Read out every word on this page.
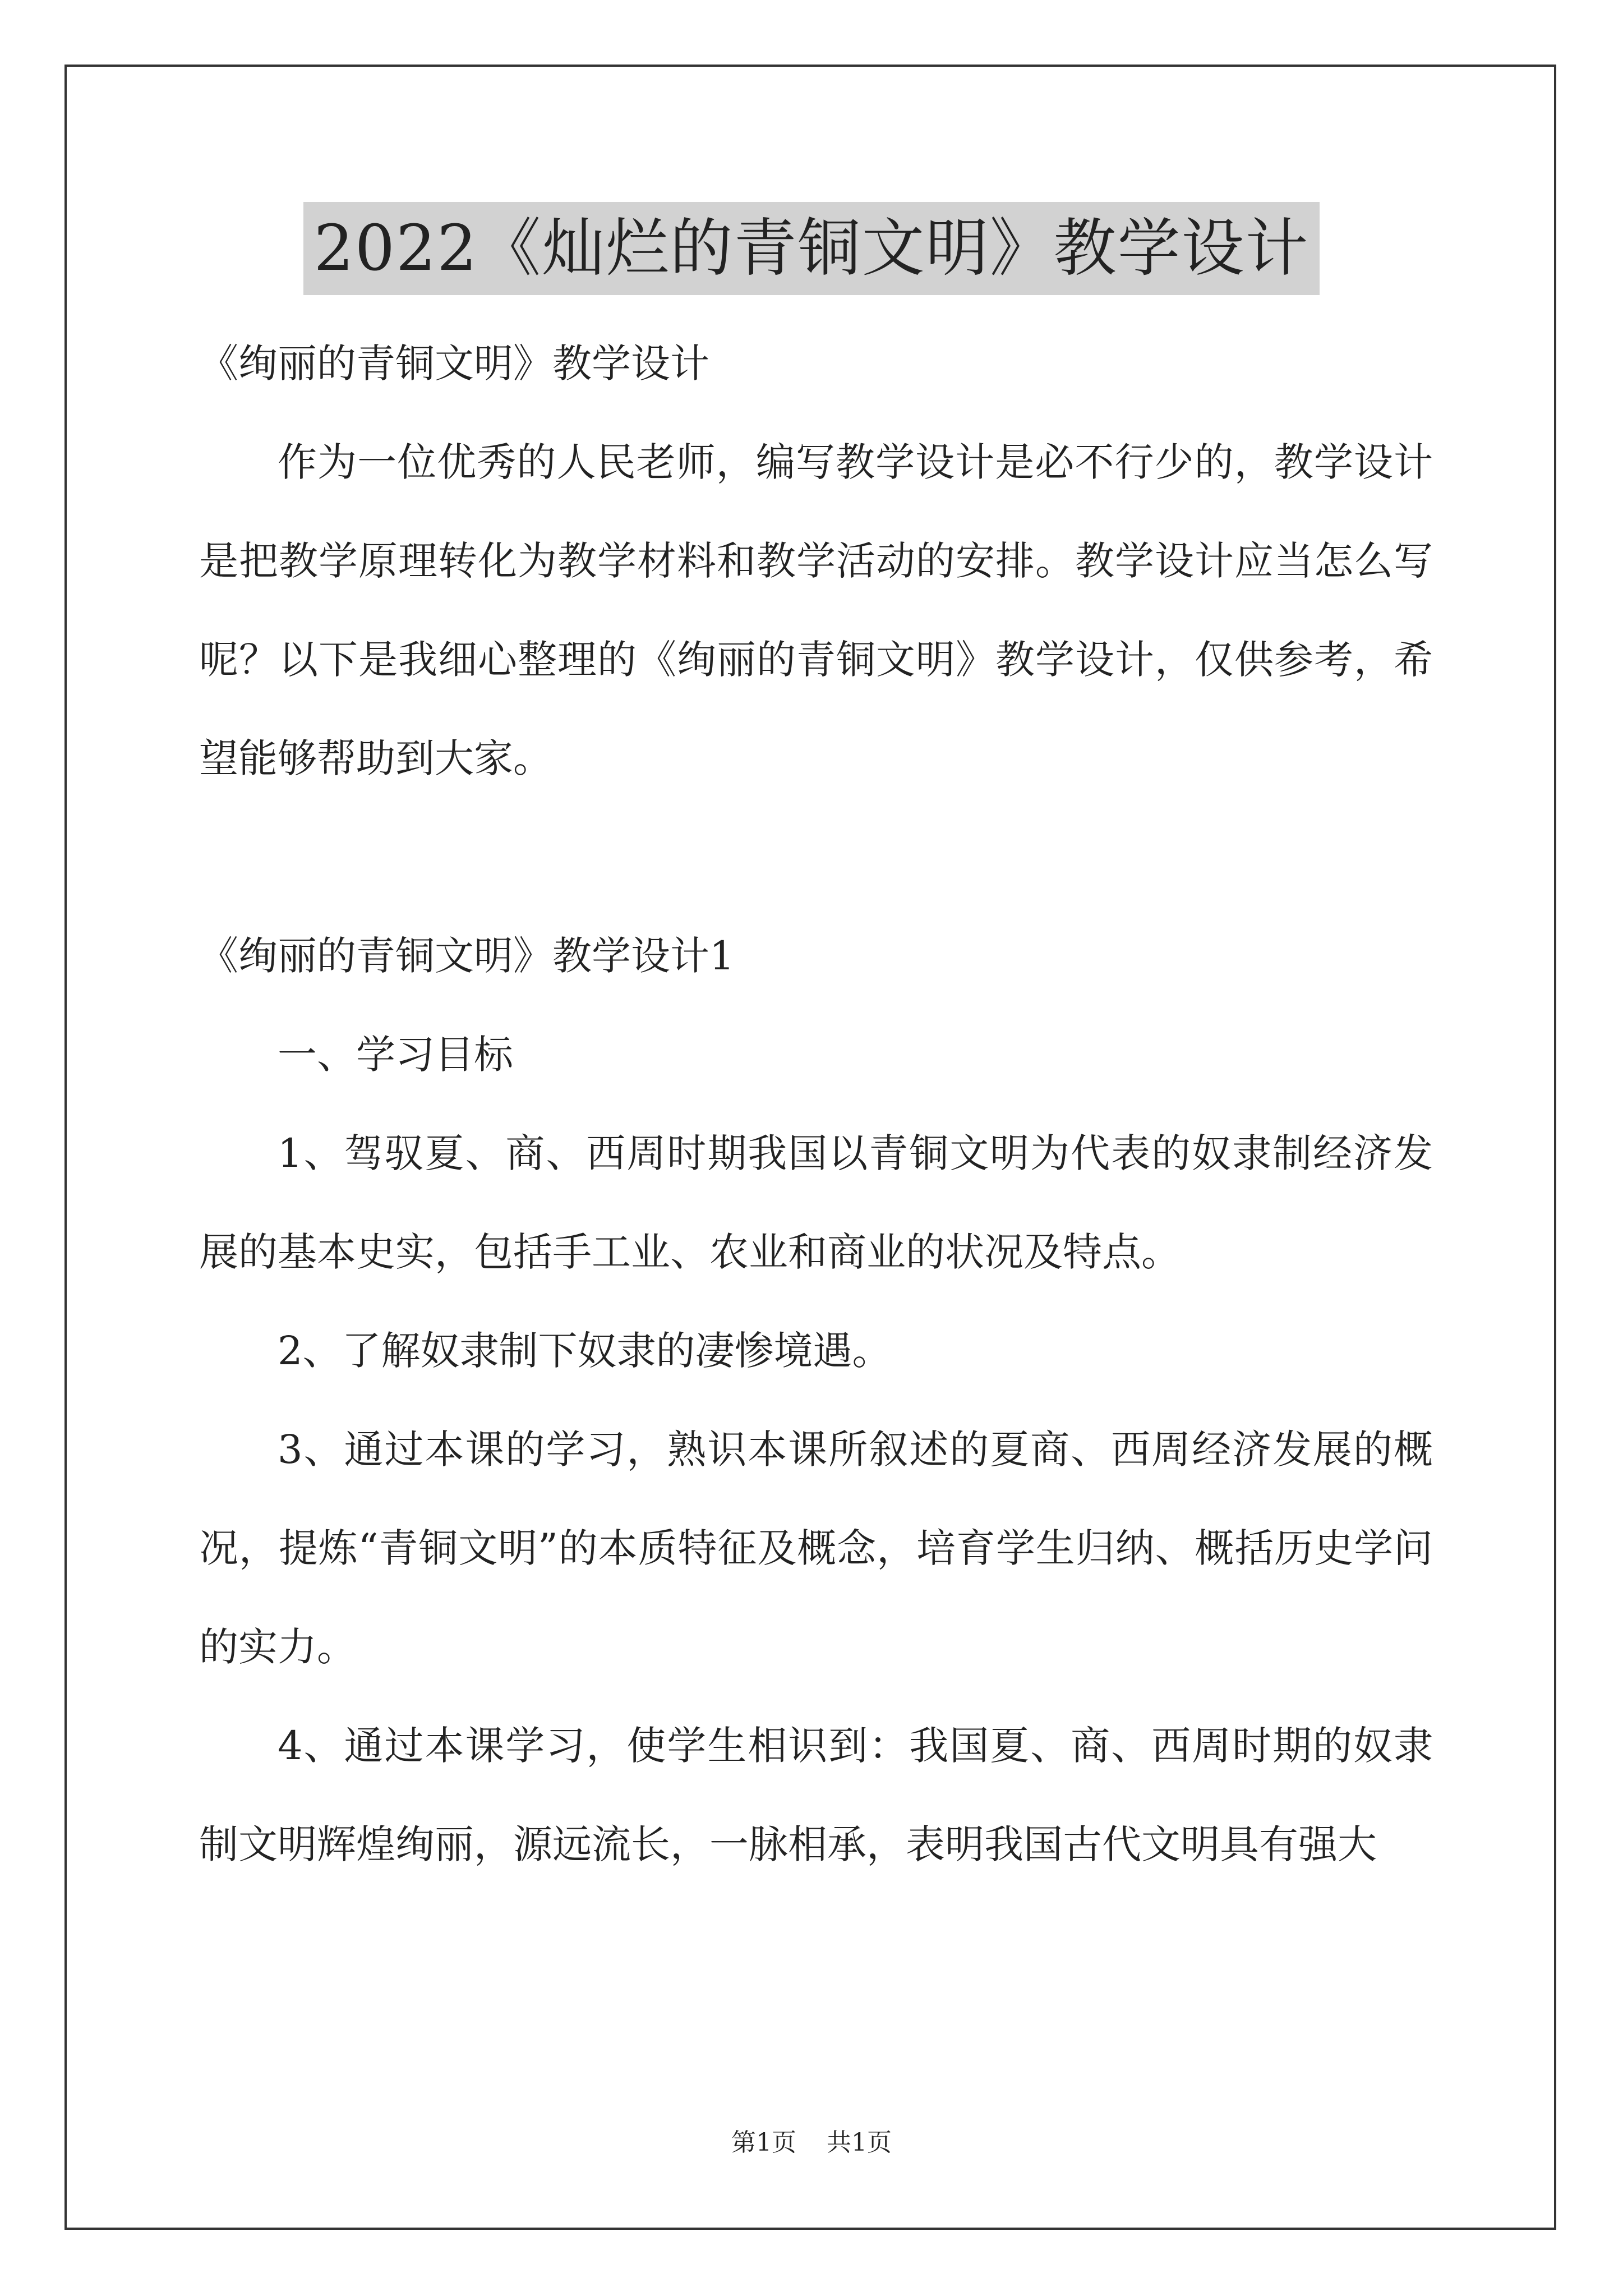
2022《灿烂的青铜文明》教学设计

《绚丽的青铜文明》教学设计

作为一位优秀的人民老师，编写教学设计是必不行少的，教学设计是把教学原理转化为教学材料和教学活动的安排。教学设计应当怎么写呢？以下是我细心整理的《绚丽的青铜文明》教学设计，仅供参考，希望能够帮助到大家。

《绚丽的青铜文明》教学设计1

一、学习目标

1、驾驭夏、商、西周时期我国以青铜文明为代表的奴隶制经济发展的基本史实，包括手工业、农业和商业的状况及特点。

2、了解奴隶制下奴隶的凄惨境遇。

3、通过本课的学习，熟识本课所叙述的夏商、西周经济发展的概况，提炼“青铜文明”的本质特征及概念，培育学生归纳、概括历史学问的实力。

4、通过本课学习，使学生相识到：我国夏、商、西周时期的奴隶制文明辉煌绚丽，源远流长，一脉相承，表明我国古代文明具有强大

第1页 共1页
